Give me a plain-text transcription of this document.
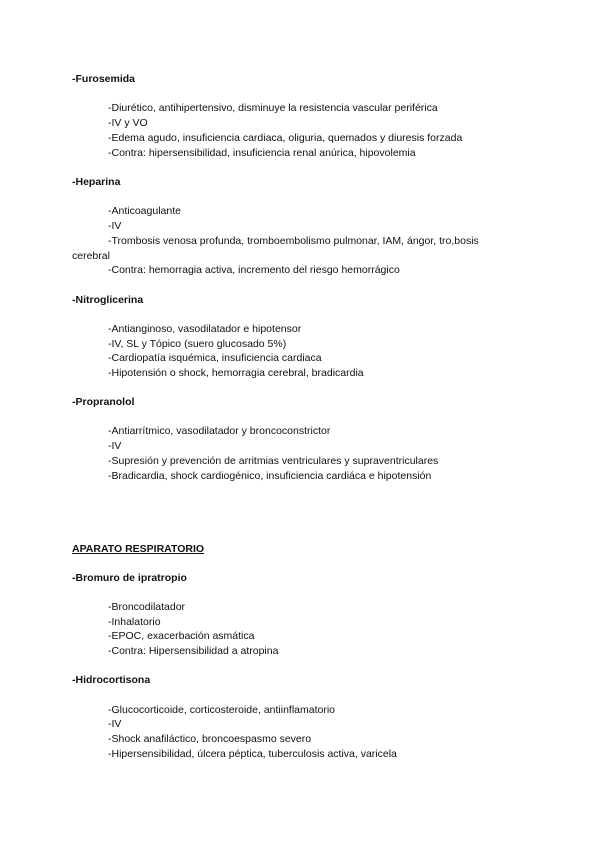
-Furosemida
-Diurético, antihipertensivo, disminuye la resistencia vascular periférica
-IV y VO
-Edema agudo, insuficiencia cardiaca, oliguria, quemados y diuresis forzada
-Contra: hipersensibilidad, insuficiencia renal anúrica, hipovolemia
-Heparina
-Anticoagulante
-IV
-Trombosis venosa profunda, tromboembolismo pulmonar, IAM, ángor, tro,bosis
cerebral
-Contra: hemorragia activa, incremento del riesgo hemorrágico
-Nitroglicerina
-Antianginoso, vasodilatador e hipotensor
-IV, SL y Tópico (suero glucosado 5%)
-Cardiopatía isquémica, insuficiencia cardiaca
-Hipotensión o shock, hemorragia cerebral, bradicardia
-Propranolol
-Antiarrítmico, vasodilatador y broncoconstrictor
-IV
-Supresión y prevención de arritmias ventriculares y supraventriculares
-Bradicardia, shock cardiogénico, insuficiencia cardiáca e hipotensión
APARATO RESPIRATORIO
-Bromuro de ipratropio
-Broncodilatador
-Inhalatorio
-EPOC, exacerbación asmática
-Contra: Hipersensibilidad a atropina
-Hidrocortisona
-Glucocorticoide, corticosteroide, antiinflamatorio
-IV
-Shock anafiláctico, broncoespasmo severo
-Hipersensibilidad, úlcera péptica, tuberculosis activa, varicela
